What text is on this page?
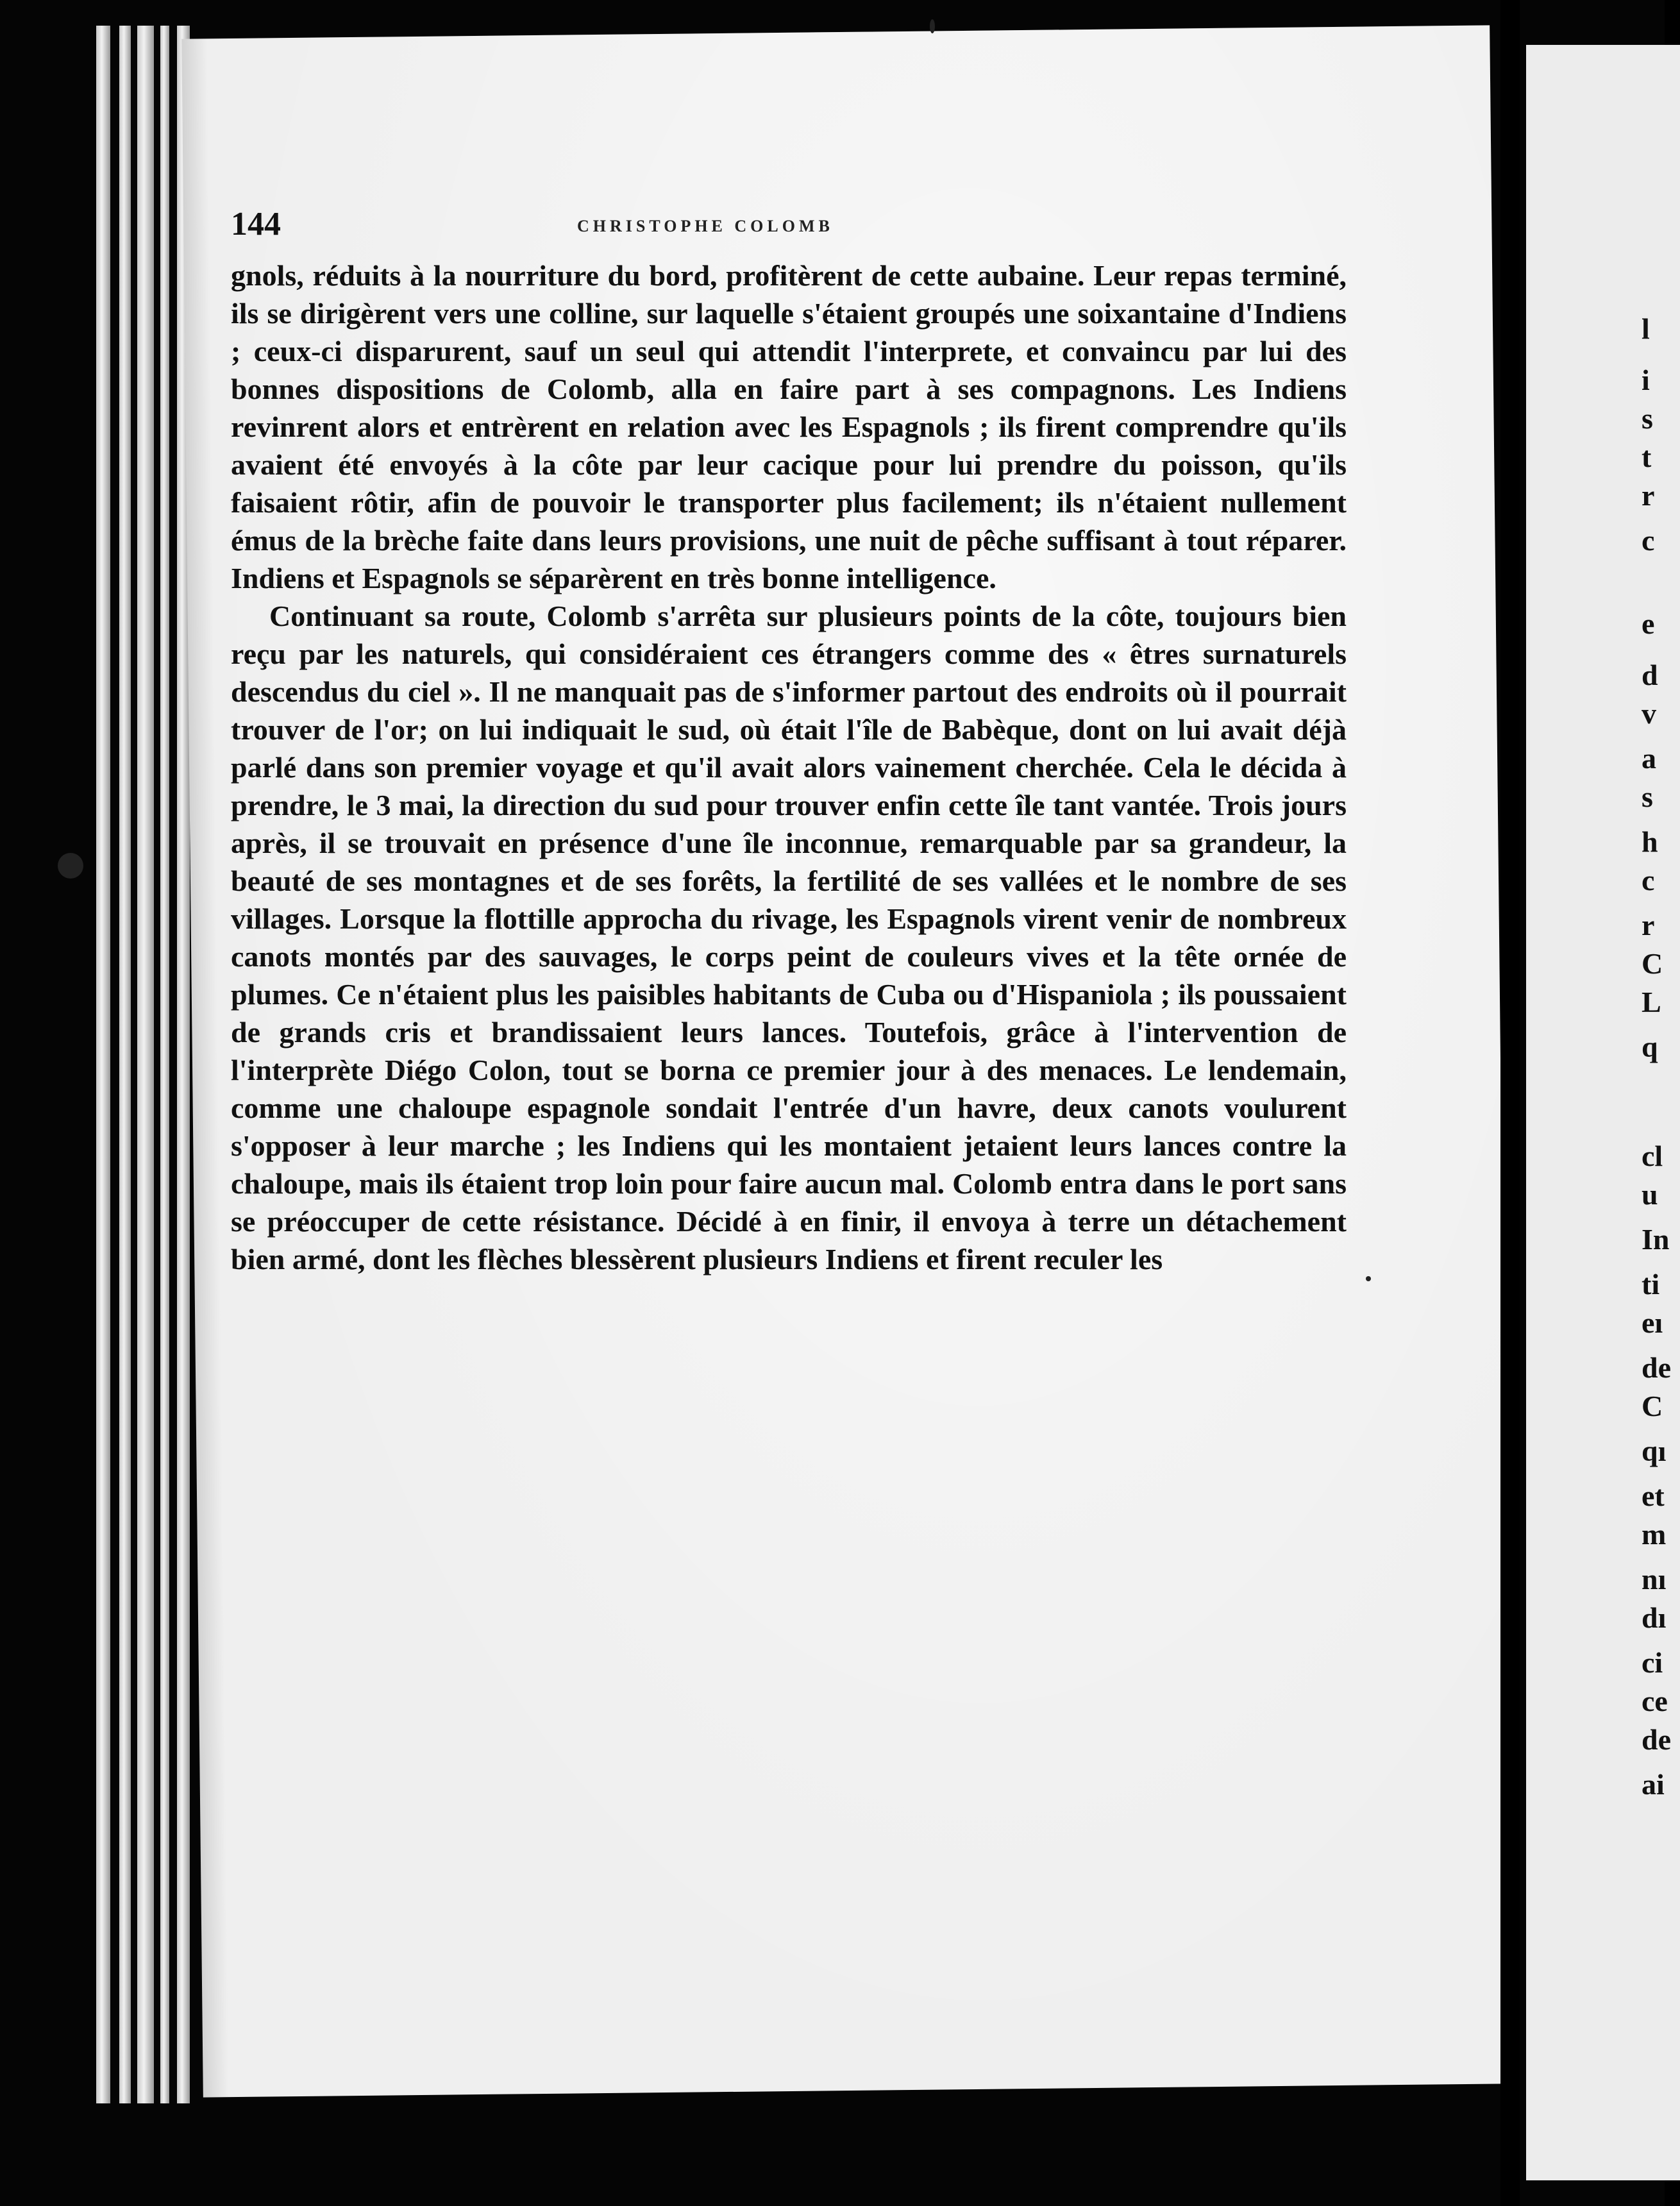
144	CHRISTOPHE COLOMB

gnols, réduits à la nourriture du bord, profitèrent de cette aubaine. Leur repas terminé, ils se dirigèrent vers une colline, sur laquelle s'étaient groupés une soixantaine d'Indiens ; ceux-ci disparurent, sauf un seul qui attendit l'interprete, et convaincu par lui des bonnes dispositions de Colomb, alla en faire part à ses compagnons. Les Indiens revinrent alors et entrèrent en relation avec les Espagnols ; ils firent comprendre qu'ils avaient été envoyés à la côte par leur cacique pour lui prendre du poisson, qu'ils faisaient rôtir, afin de pouvoir le transporter plus facilement; ils n'étaient nullement émus de la brèche faite dans leurs provisions, une nuit de pêche suffisant à tout réparer. Indiens et Espagnols se séparèrent en très bonne intelligence.

Continuant sa route, Colomb s'arrêta sur plusieurs points de la côte, toujours bien reçu par les naturels, qui considéraient ces étrangers comme des « êtres surnaturels descendus du ciel ». Il ne manquait pas de s'informer partout des endroits où il pourrait trouver de l'or; on lui indiquait le sud, où était l'île de Babèque, dont on lui avait déjà parlé dans son premier voyage et qu'il avait alors vainement cherchée. Cela le décida à prendre, le 3 mai, la direction du sud pour trouver enfin cette île tant vantée. Trois jours après, il se trouvait en présence d'une île inconnue, remarquable par sa grandeur, la beauté de ses montagnes et de ses forêts, la fertilité de ses vallées et le nombre de ses villages. Lorsque la flottille approcha du rivage, les Espagnols virent venir de nombreux canots montés par des sauvages, le corps peint de couleurs vives et la tête ornée de plumes. Ce n'étaient plus les paisibles habitants de Cuba ou d'Hispaniola ; ils poussaient de grands cris et brandissaient leurs lances. Toutefois, grâce à l'intervention de l'interprète Diégo Colon, tout se borna ce premier jour à des menaces. Le lendemain, comme une chaloupe espagnole sondait l'entrée d'un havre, deux canots voulurent s'opposer à leur marche ; les Indiens qui les montaient jetaient leurs lances contre la chaloupe, mais ils étaient trop loin pour faire aucun mal. Colomb entra dans le port sans se préoccuper de cette résistance. Décidé à en finir, il envoya à terre un détachement bien armé, dont les flèches blessèrent plusieurs Indiens et firent reculer les

l
i
s
t
r
c
e
d
v
a
s
h
c
r
C
L
q
cl
u
In
ti
eı
de
C
qı
et
m
nı
dı
ci
ce
de
ai
